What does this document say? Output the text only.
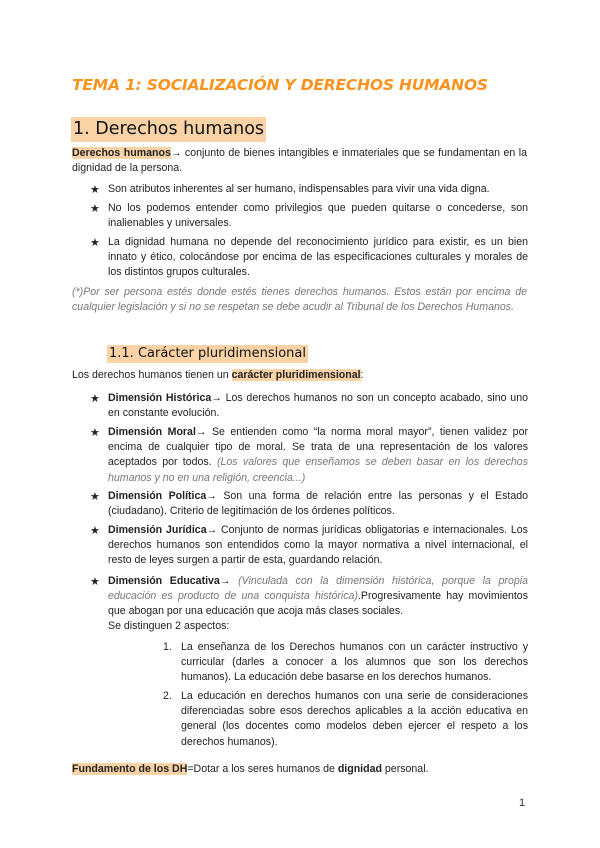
TEMA 1: SOCIALIZACIÓN Y DERECHOS HUMANOS
1. Derechos humanos
Derechos humanos→ conjunto de bienes intangibles e inmateriales que se fundamentan en la dignidad de la persona.
★ Son atributos inherentes al ser humano, indispensables para vivir una vida digna.
★ No los podemos entender como privilegios que pueden quitarse o concederse, son inalienables y universales.
★ La dignidad humana no depende del reconocimiento jurídico para existir, es un bien innato y ético, colocándose por encima de las especificaciones culturales y morales de los distintos grupos culturales.
(*)Por ser persona estés donde estés tienes derechos humanos. Estos están por encima de cualquier legislación y si no se respetan se debe acudir al Tribunal de los Derechos Humanos.
1.1. Carácter pluridimensional
Los derechos humanos tienen un carácter pluridimensional:
★ Dimensión Histórica→ Los derechos humanos no son un concepto acabado, sino uno en constante evolución.
★ Dimensión Moral→ Se entienden como “la norma moral mayor”, tienen validez por encima de cualquier tipo de moral. Se trata de una representación de los valores aceptados por todos. (Los valores que enseñamos se deben basar en los derechos humanos y no en una religión, creencia...)
★ Dimensión Política→ Son una forma de relación entre las personas y el Estado (ciudadano). Criterio de legitimación de los órdenes políticos.
★ Dimensión Jurídica→ Conjunto de normas jurídicas obligatorias e internacionales. Los derechos humanos son entendidos como la mayor normativa a nivel internacional, el resto de leyes surgen a partir de esta, guardando relación.
★ Dimensión Educativa→ (Vinculada con la dimensión histórica, porque la propia educación es producto de una conquista histórica).Progresivamente hay movimientos que abogan por una educación que acoja más clases sociales.
Se distinguen 2 aspectos:
1. La enseñanza de los Derechos humanos con un carácter instructivo y curricular (darles a conocer a los alumnos que son los derechos humanos). La educación debe basarse en los derechos humanos.
2. La educación en derechos humanos con una serie de consideraciones diferenciadas sobre esos derechos aplicables a la acción educativa en general (los docentes como modelos deben ejercer el respeto a los derechos humanos).
Fundamento de los DH=Dotar a los seres humanos de dignidad personal.
1
